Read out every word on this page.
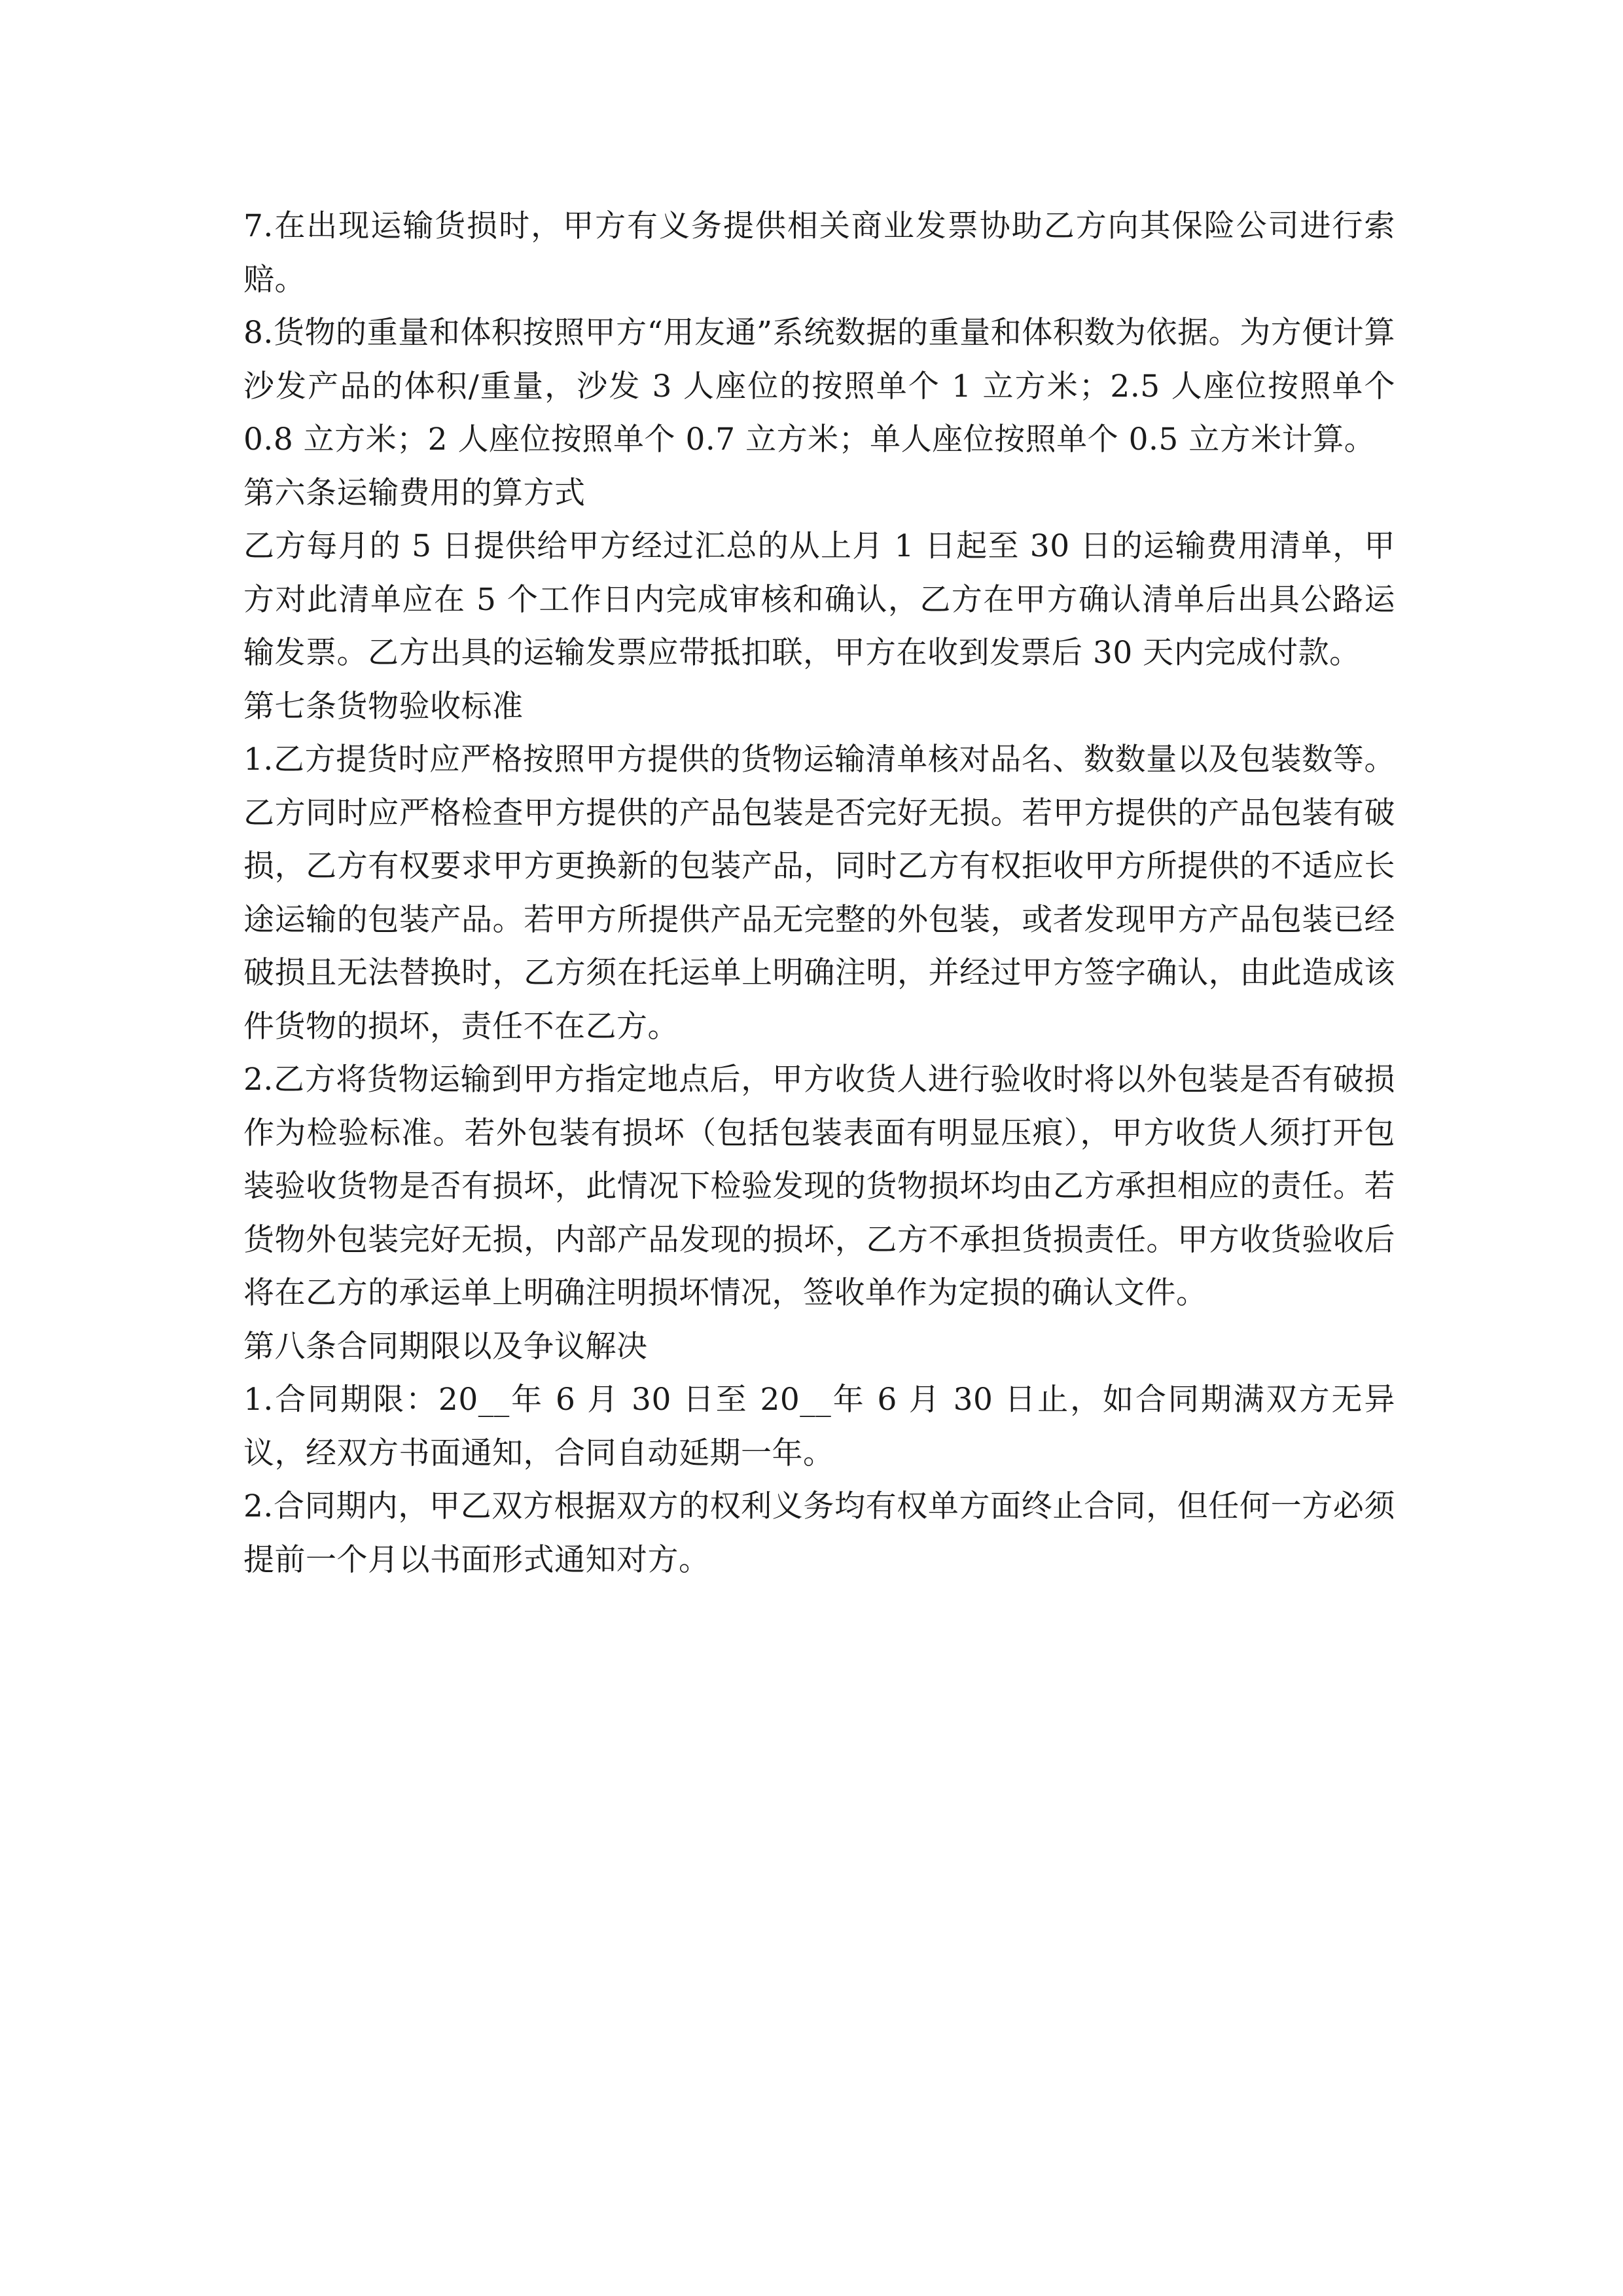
7.在出现运输货损时，甲方有义务提供相关商业发票协助乙方向其保险公司进行索赔。

8.货物的重量和体积按照甲方“用友通”系统数据的重量和体积数为依据。为方便计算沙发产品的体积/重量，沙发 3 人座位的按照单个 1 立方米；2.5 人座位按照单个 0.8 立方米；2 人座位按照单个 0.7 立方米；单人座位按照单个 0.5 立方米计算。

第六条运输费用的算方式

乙方每月的 5 日提供给甲方经过汇总的从上月 1 日起至 30 日的运输费用清单，甲方对此清单应在 5 个工作日内完成审核和确认，乙方在甲方确认清单后出具公路运输发票。乙方出具的运输发票应带抵扣联，甲方在收到发票后 30 天内完成付款。

第七条货物验收标准

1.乙方提货时应严格按照甲方提供的货物运输清单核对品名、数数量以及包装数等。乙方同时应严格检查甲方提供的产品包装是否完好无损。若甲方提供的产品包装有破损，乙方有权要求甲方更换新的包装产品，同时乙方有权拒收甲方所提供的不适应长途运输的包装产品。若甲方所提供产品无完整的外包装，或者发现甲方产品包装已经破损且无法替换时，乙方须在托运单上明确注明，并经过甲方签字确认，由此造成该件货物的损坏，责任不在乙方。

2.乙方将货物运输到甲方指定地点后，甲方收货人进行验收时将以外包装是否有破损作为检验标准。若外包装有损坏（包括包装表面有明显压痕），甲方收货人须打开包装验收货物是否有损坏，此情况下检验发现的货物损坏均由乙方承担相应的责任。若货物外包装完好无损，内部产品发现的损坏，乙方不承担货损责任。甲方收货验收后将在乙方的承运单上明确注明损坏情况，签收单作为定损的确认文件。

第八条合同期限以及争议解决

1.合同期限：20__年 6 月 30 日至 20__年 6 月 30 日止，如合同期满双方无异议，经双方书面通知，合同自动延期一年。

2.合同期内，甲乙双方根据双方的权利义务均有权单方面终止合同，但任何一方必须提前一个月以书面形式通知对方。
